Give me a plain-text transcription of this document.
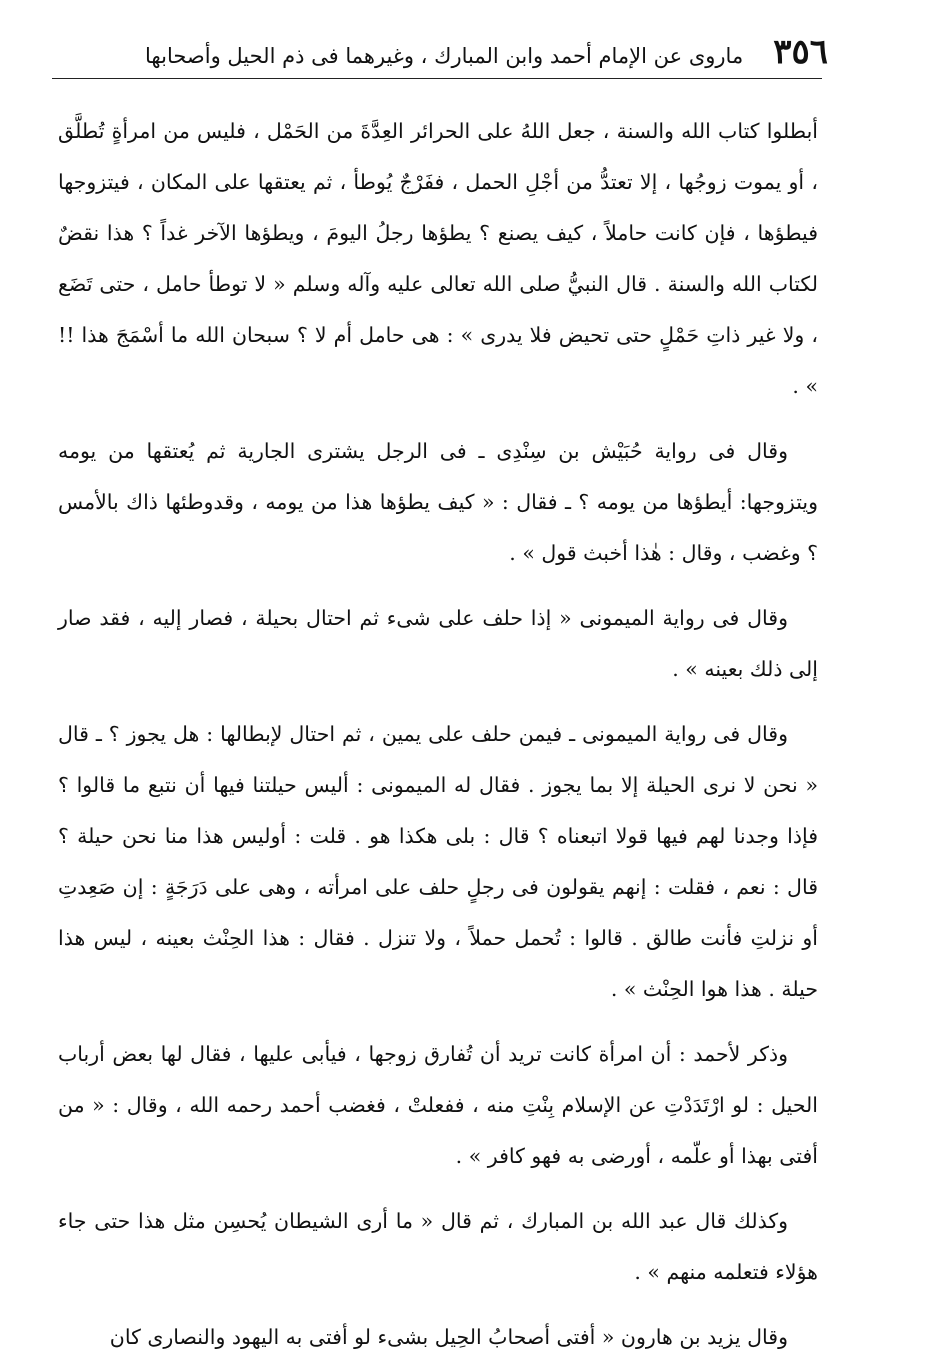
٣٥٦
ماروى عن الإمام أحمد وابن المبارك ، وغيرهما فى ذم الحيل وأصحابها

أبطلوا كتاب الله والسنة ، جعل اللهُ على الحرائر العِدَّةَ من الحَمْل ، فليس من امرأةٍ تُطلَّق ، أو يموت زوجُها ، إلا تعتدُّ من أجْلِ الحمل ، ففَرْجٌ يُوطأ ، ثم يعتقها على المكان ، فيتزوجها فيطؤها ، فإن كانت حاملاً ، كيف يصنع ؟ يطؤها رجلُ اليومَ ، ويطؤها الآخر غداً ؟ هذا نقضٌ لكتاب الله والسنة . قال النبيُّ صلى الله تعالى عليه وآله وسلم « لا توطأ حامل ، حتى تَضَع ، ولا غير ذاتِ حَمْلٍ حتى تحيض فلا يدرى » : هى حامل أم لا ؟ سبحان الله ما أسْمَجَ هذا !! » .

وقال فى رواية حُبَيْش بن سِنْدِى ـ فى الرجل يشترى الجارية ثم يُعتقها من يومه ويتزوجها: أيطؤها من يومه ؟ ـ فقال : « كيف يطؤها هذا من يومه ، وقدوطئها ذاك بالأمس ؟ وغضب ، وقال : هٰذا أخبث قول » .

وقال فى رواية الميمونى « إذا حلف على شىء ثم احتال بحيلة ، فصار إليه ، فقد صار إلى ذلك بعينه » .

وقال فى رواية الميمونى ـ فيمن حلف على يمين ، ثم احتال لإبطالها : هل يجوز ؟ ـ قال « نحن لا نرى الحيلة إلا بما يجوز . فقال له الميمونى : أليس حيلتنا فيها أن نتبع ما قالوا ؟ فإذا وجدنا لهم فيها قولا اتبعناه ؟ قال : بلى هكذا هو . قلت : أوليس هذا منا نحن حيلة ؟ قال : نعم ، فقلت : إنهم يقولون فى رجلٍ حلف على امرأته ، وهى على دَرَجَةٍ : إن صَعِدتِ أو نزلتِ فأنت طالق . قالوا : تُحمل حملاً ، ولا تنزل . فقال : هذا الحِنْث بعينه ، ليس هذا حيلة . هذا هوا الحِنْث » .

وذكر لأحمد : أن امرأة كانت تريد أن تُفارق زوجها ، فيأبى عليها ، فقال لها بعض أرباب الحيل : لو ارْتَدَدْتِ عن الإسلام بِنْتِ منه ، ففعلتْ ، فغضب أحمد رحمه الله ، وقال : « من أفتى بهذا أو علّمه ، أورضى به فهو كافر » .

وكذلك قال عبد الله بن المبارك ، ثم قال « ما أرى الشيطان يُحسِن مثل هذا حتى جاء هؤلاء فتعلمه منهم » .

وقال يزيد بن هارون « أفتى أصحابُ الحِيل بشىء لو أفتى به اليهود والنصارى كان
